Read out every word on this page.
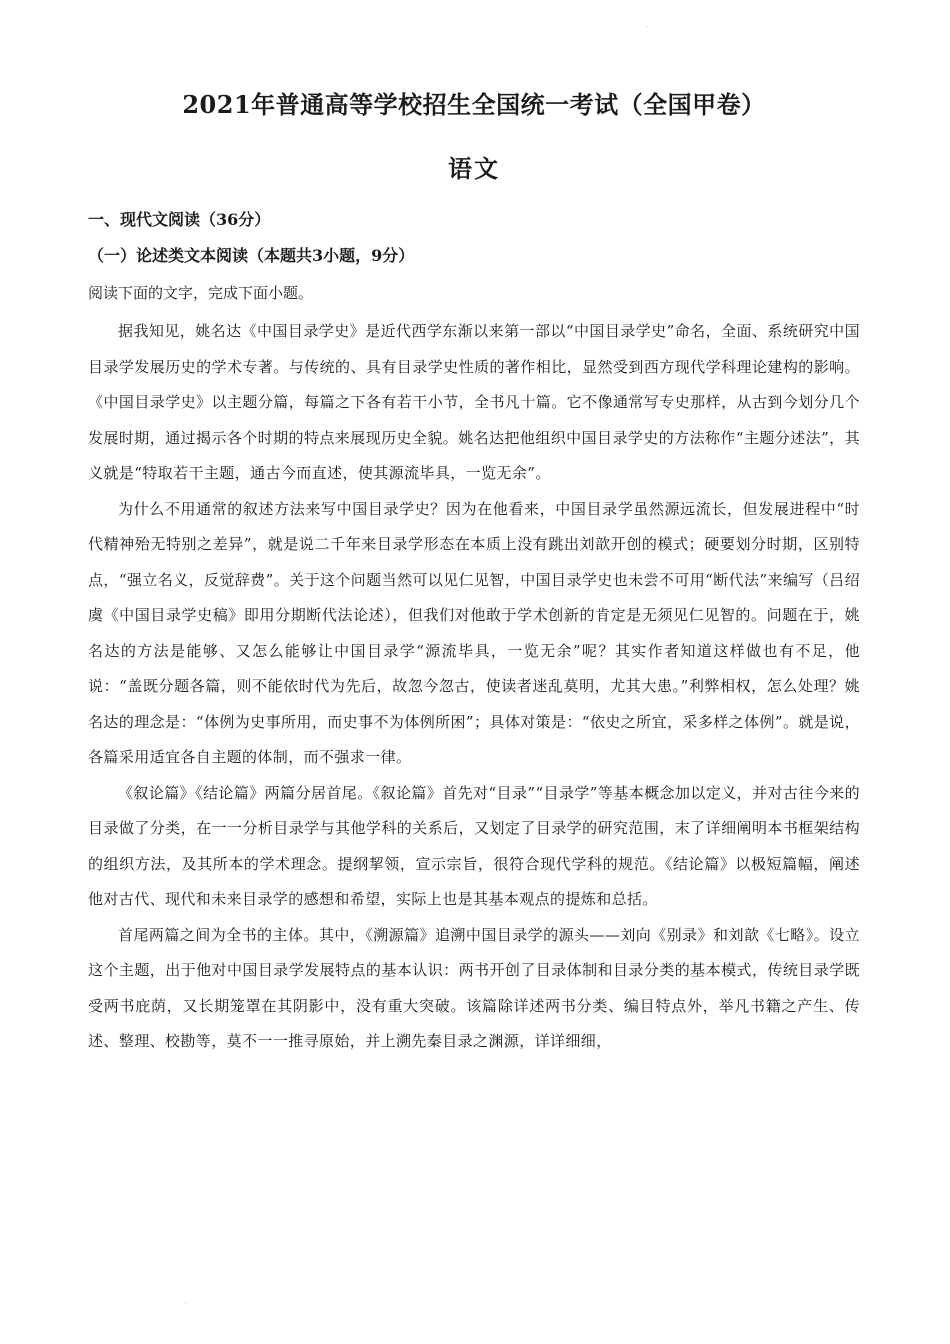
2021年普通高等学校招生全国统一考试（全国甲卷）
语文
一、现代文阅读（36分）
（一）论述类文本阅读（本题共3小题，9分）
阅读下面的文字，完成下面小题。

据我知见，姚名达《中国目录学史》是近代西学东渐以来第一部以“中国目录学史”命名，全面、系统研究中国目录学发展历史的学术专著。与传统的、具有目录学史性质的著作相比，显然受到西方现代学科理论建构的影响。《中国目录学史》以主题分篇，每篇之下各有若干小节，全书凡十篇。它不像通常写专史那样，从古到今划分几个发展时期，通过揭示各个时期的特点来展现历史全貌。姚名达把他组织中国目录学史的方法称作“主题分述法”，其义就是“特取若干主题，通古今而直述，使其源流毕具，一览无余”。

为什么不用通常的叙述方法来写中国目录学史？因为在他看来，中国目录学虽然源远流长，但发展进程中“时代精神殆无特别之差异”，就是说二千年来目录学形态在本质上没有跳出刘歆开创的模式；硬要划分时期，区别特点，“强立名义，反觉辞费”。关于这个问题当然可以见仁见智，中国目录学史也未尝不可用“断代法”来编写（吕绍虞《中国目录学史稿》即用分期断代法论述），但我们对他敢于学术创新的肯定是无须见仁见智的。问题在于，姚名达的方法是能够、又怎么能够让中国目录学“源流毕具，一览无余”呢？其实作者知道这样做也有不足，他说：“盖既分题各篇，则不能依时代为先后，故忽今忽古，使读者迷乱莫明，尤其大患。”利弊相权，怎么处理？姚名达的理念是：“体例为史事所用，而史事不为体例所困”；具体对策是：“依史之所宜，采多样之体例”。就是说，各篇采用适宜各自主题的体制，而不强求一律。

《叙论篇》《结论篇》两篇分居首尾。《叙论篇》首先对“目录”“目录学”等基本概念加以定义，并对古往今来的目录做了分类，在一一分析目录学与其他学科的关系后，又划定了目录学的研究范围，末了详细阐明本书框架结构的组织方法，及其所本的学术理念。提纲挈领，宣示宗旨，很符合现代学科的规范。《结论篇》以极短篇幅，阐述他对古代、现代和未来目录学的感想和希望，实际上也是其基本观点的提炼和总括。

首尾两篇之间为全书的主体。其中，《溯源篇》追溯中国目录学的源头——刘向《别录》和刘歆《七略》。设立这个主题，出于他对中国目录学发展特点的基本认识：两书开创了目录体制和目录分类的基本模式，传统目录学既受两书庇荫，又长期笼罩在其阴影中，没有重大突破。该篇除详述两书分类、编目特点外，举凡书籍之产生、传述、整理、校勘等，莫不一一推寻原始，并上溯先秦目录之渊源，详详细细，

·
·
